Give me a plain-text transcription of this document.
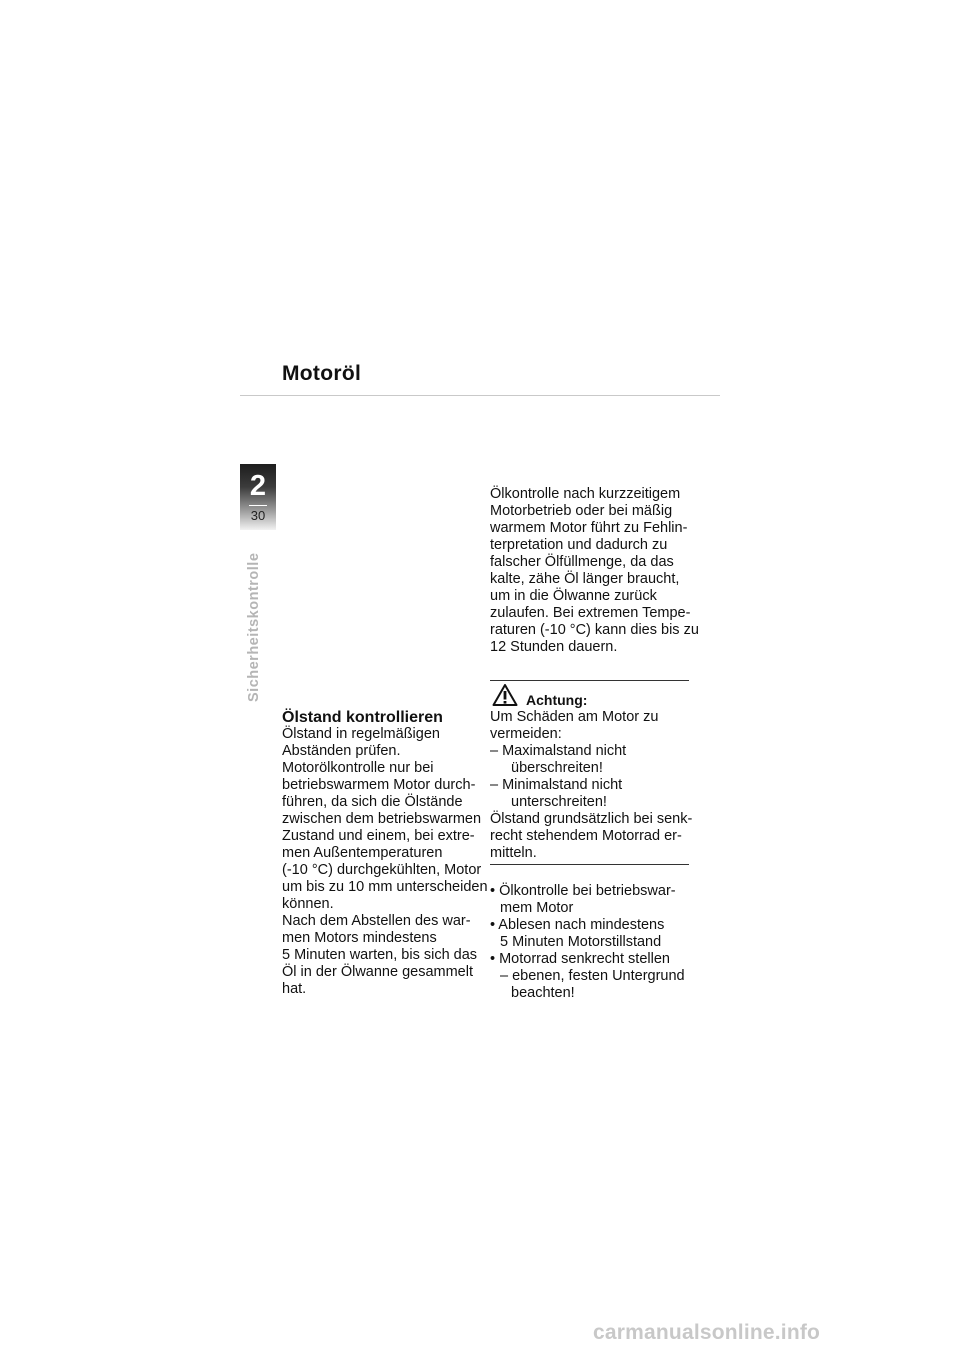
Motoröl
2
30
Sicherheitskontrolle
Ölstand kontrollieren

Ölstand in regelmäßigen

Abständen prüfen.

Motorölkontrolle nur bei

betriebswarmem Motor durch-

führen, da sich die Ölstände

zwischen dem betriebswarmen

Zustand und einem, bei extre-

men Außentemperaturen

(-10 °C) durchgekühlten, Motor

um bis zu 10 mm unterscheiden

können.

Nach dem Abstellen des war-

men Motors mindestens

5 Minuten warten, bis sich das

Öl in der Ölwanne gesammelt

hat.

Ölkontrolle nach kurzzeitigem

Motorbetrieb oder bei mäßig

warmem Motor führt zu Fehlin-

terpretation und dadurch zu

falscher Ölfüllmenge, da das

kalte, zähe Öl länger braucht,

um in die Ölwanne zurück

zulaufen. Bei extremen Tempe-

raturen (-10 °C) kann dies bis zu

12 Stunden dauern.

Achtung:

Um Schäden am Motor zu

vermeiden:

– Maximalstand nicht

überschreiten!

– Minimalstand nicht

unterschreiten!

Ölstand grundsätzlich bei senk-

recht stehendem Motorrad er-

mitteln.

• Ölkontrolle bei betriebswar-

mem Motor

• Ablesen nach mindestens

5 Minuten Motorstillstand

• Motorrad senkrecht stellen

– ebenen, festen Untergrund

beachten!

carmanualsonline.info
